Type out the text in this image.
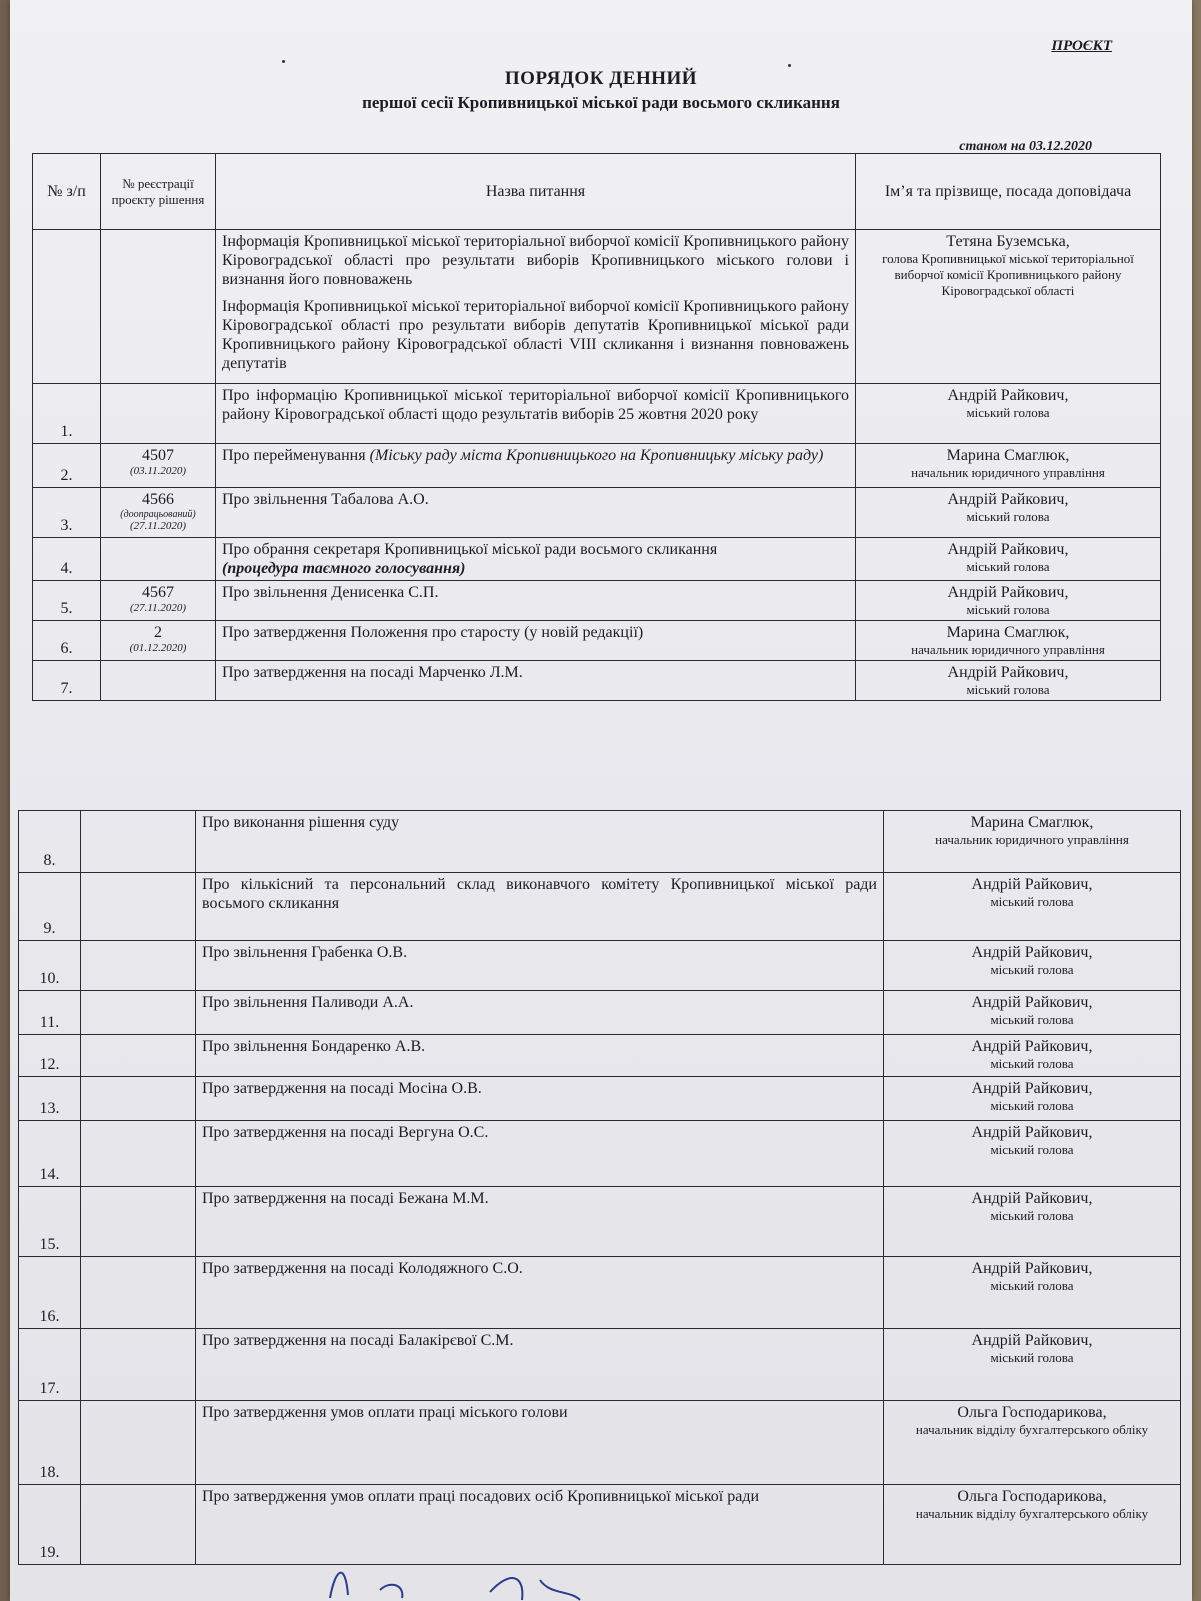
ПРОЄКТ
ПОРЯДОК ДЕННИЙ
першої сесії Кропивницької міської ради восьмого скликання
станом на 03.12.2020
№ з/п	№ реєстрації проєкту рішення	Назва питання	Ім’я та прізвище, посада доповідача
		Інформація Кропивницької міської територіальної виборчої комісії Кропивницького району Кіровоградської області про результати виборів Кропивницького міського голови і визнання його повноважень
Інформація Кропивницької міської територіальної виборчої комісії Кропивницького району Кіровоградської області про результати виборів депутатів Кропивницької міської ради Кропивницького району Кіровоградської області VIII скликання і визнання повноважень депутатів	Тетяна Буземська,
голова Кропивницької міської територіальної виборчої комісії Кропивницького району Кіровоградської області

1.		Про інформацію Кропивницької міської територіальної виборчої комісії Кропивницького району Кіровоградської області щодо результатів виборів 25 жовтня 2020 року	Андрій Райкович,
міський голова

2.	4507
(03.11.2020)	Про перейменування (Міську раду міста Кропивницького на Кропивницьку міську раду)	Марина Смаглюк,
начальник юридичного управління

3.	4566
(доопрацьований)
(27.11.2020)	Про звільнення Табалова А.О.	Андрій Райкович,
міський голова

4.		Про обрання секретаря Кропивницької міської ради восьмого скликання
(процедура таємного голосування)	Андрій Райкович,
міський голова

5.	4567
(27.11.2020)	Про звільнення Денисенка С.П.	Андрій Райкович,
міський голова

6.	2
(01.12.2020)	Про затвердження Положення про старосту (у новій редакції)	Марина Смаглюк,
начальник юридичного управління

7.		Про затвердження на посаді Марченко Л.М.	Андрій Райкович,
міський голова
8.		Про виконання рішення суду	Марина Смаглюк,
начальник юридичного управління

9.		Про кількісний та персональний склад виконавчого комітету Кропивницької міської ради восьмого скликання	Андрій Райкович,
міський голова

10.		Про звільнення Грабенка О.В.	Андрій Райкович,
міський голова

11.		Про звільнення Паливоди А.А.	Андрій Райкович,
міський голова

12.		Про звільнення Бондаренко А.В.	Андрій Райкович,
міський голова

13.		Про затвердження на посаді Мосіна О.В.	Андрій Райкович,
міський голова

14.		Про затвердження на посаді Вергуна О.С.	Андрій Райкович,
міський голова

15.		Про затвердження на посаді Бежана М.М.	Андрій Райкович,
міський голова

16.		Про затвердження на посаді Колодяжного С.О.	Андрій Райкович,
міський голова

17.		Про затвердження на посаді Балакірєвої С.М.	Андрій Райкович,
міський голова

18.		Про затвердження умов оплати праці міського голови	Ольга Господарикова,
начальник відділу бухгалтерського обліку

19.		Про затвердження умов оплати праці посадових осіб Кропивницької міської ради	Ольга Господарикова,
начальник відділу бухгалтерського обліку
